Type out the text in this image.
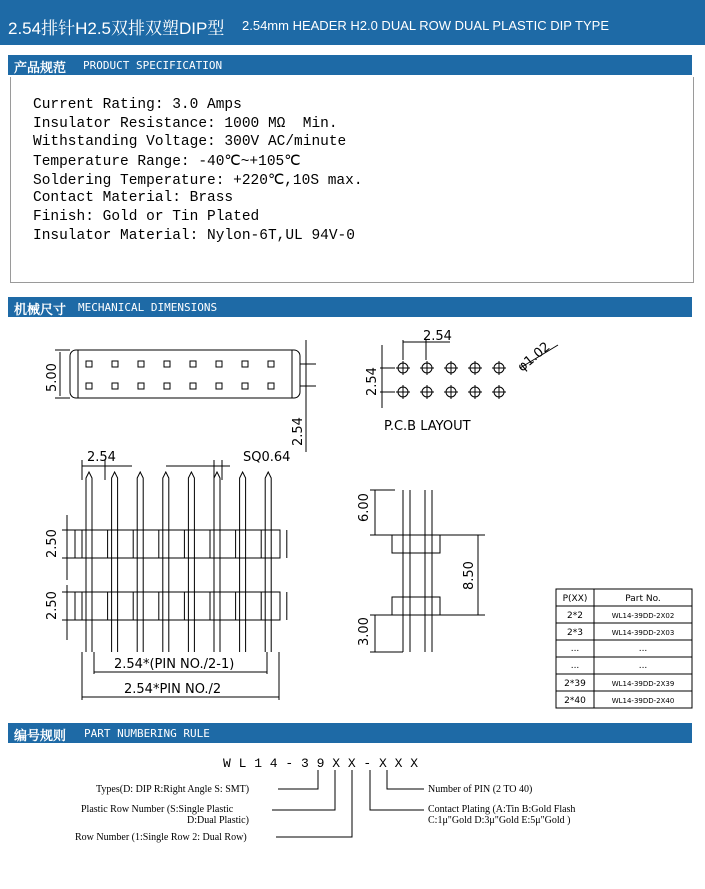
2.54排针H2.5双排双塑DIP型 2.54mm HEADER H2.0 DUAL ROW DUAL PLASTIC DIP TYPE
产品规范 PRODUCT SPECIFICATION
Current Rating: 3.0 Amps
Insulator Resistance: 1000 MΩ  Min.
Withstanding Voltage: 300V AC/minute
Temperature Range: -40℃~+105℃
Soldering Temperature: +220℃,10S max.
Contact Material: Brass
Finish: Gold or Tin Plated
Insulator Material: Nylon-6T,UL 94V-0
机械尺寸 MECHANICAL DIMENSIONS
5.00
2.54
2.54	SQ0.64
2.50
2.50
2.54*(PIN NO./2-1)
2.54*PIN NO./2
2.54
2.54
φ1.02
P.C.B LAYOUT
6.00
8.50
3.00
P(XX)	Part No.
2*2	WL14-39DD-2X02
2*3	WL14-39DD-2X03
...	...
...	...
2*39	WL14-39DD-2X39
2*40	WL14-39DD-2X40
编号规则 PART NUMBERING RULE
W L 1 4 - 3 9 X X - X X X
Types(D: DIP R:Right Angle S: SMT)
Plastic Row Number (S:Single Plastic
D:Dual Plastic)
Row Number (1:Single Row 2: Dual Row)
Number of PIN (2 TO 40)
Contact Plating (A:Tin B:Gold Flash
C:1μ"Gold D:3μ"Gold E:5μ"Gold )
